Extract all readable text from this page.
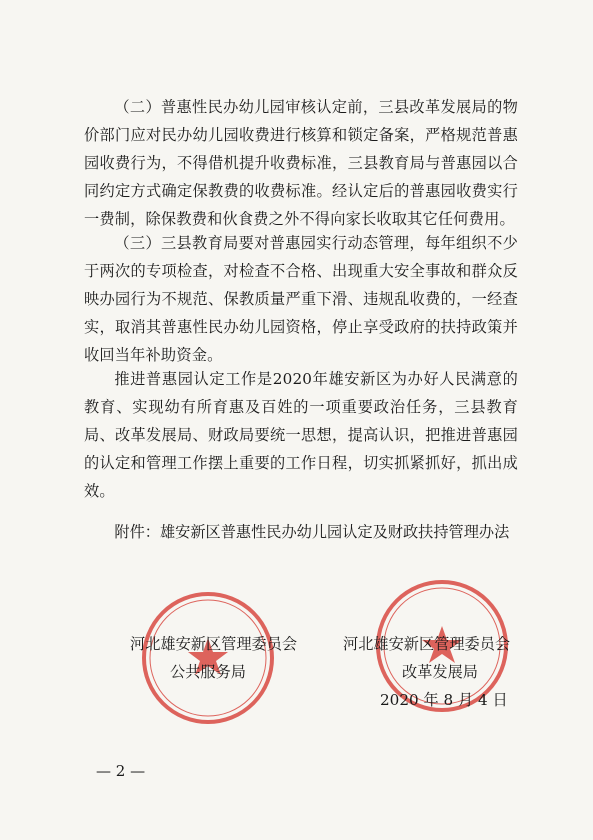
（二）普惠性民办幼儿园审核认定前，三县改革发展局的物价部门应对民办幼儿园收费进行核算和锁定备案，严格规范普惠园收费行为，不得借机提升收费标准，三县教育局与普惠园以合同约定方式确定保教费的收费标准。经认定后的普惠园收费实行一费制，除保教费和伙食费之外不得向家长收取其它任何费用。

（三）三县教育局要对普惠园实行动态管理，每年组织不少于两次的专项检查，对检查不合格、出现重大安全事故和群众反映办园行为不规范、保教质量严重下滑、违规乱收费的，一经查实，取消其普惠性民办幼儿园资格，停止享受政府的扶持政策并收回当年补助资金。

推进普惠园认定工作是2020年雄安新区为办好人民满意的教育、实现幼有所育惠及百姓的一项重要政治任务，三县教育局、改革发展局、财政局要统一思想，提高认识，把推进普惠园的认定和管理工作摆上重要的工作日程，切实抓紧抓好，抓出成效。

附件：雄安新区普惠性民办幼儿园认定及财政扶持管理办法
河北雄安新区管理委员会
公共服务局
河北雄安新区管理委员会
改革发展局
2020 年 8 月 4 日
— 2 —
